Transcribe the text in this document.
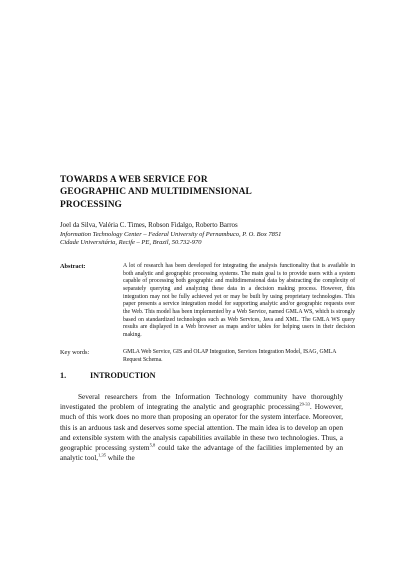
TOWARDS A WEB SERVICE FOR
GEOGRAPHIC AND MULTIDIMENSIONAL
PROCESSING
Joel da Silva, Valéria C. Times, Robson Fidalgo, Roberto Barros
Information Technology Center – Federal University of Pernambuco, P. O. Box 7851
Cidade Universitária, Recife – PE, Brazil, 50.732-970
Abstract:	A lot of research has been developed for integrating the analysis functionality that is available in both analytic and geographic processing systems. The main goal is to provide users with a system capable of processing both geographic and multidimensional data by abstracting the complexity of separately querying and analyzing these data in a decision making process. However, this integration may not be fully achieved yet or may be built by using proprietary technologies. This paper presents a service integration model for supporting analytic and/or geographic requests over the Web. This model has been implemented by a Web Service, named GMLA WS, which is strongly based on standardized technologies such as Web Services, Java and XML. The GMLA WS query results are displayed in a Web browser as maps and/or tables for helping users in their decision making.
Key words:	GMLA Web Service, GIS and OLAP Integration, Services Integration Model, ISAG, GMLA Request Schema.
1.	INTRODUCTION

Several researchers from the Information Technology community have thoroughly investigated the problem of integrating the analytic and geographic processing$^{29-33}$. However, much of this work does no more than proposing an operator for the system interface. Moreover, this is an arduous task and deserves some special attention. The main idea is to develop an open and extensible system with the analysis capabilities available in these two technologies. Thus, a geographic processing system$^{5,8}$ could take the advantage of the facilities implemented by an analytic tool,$^{1,35}$ while the
